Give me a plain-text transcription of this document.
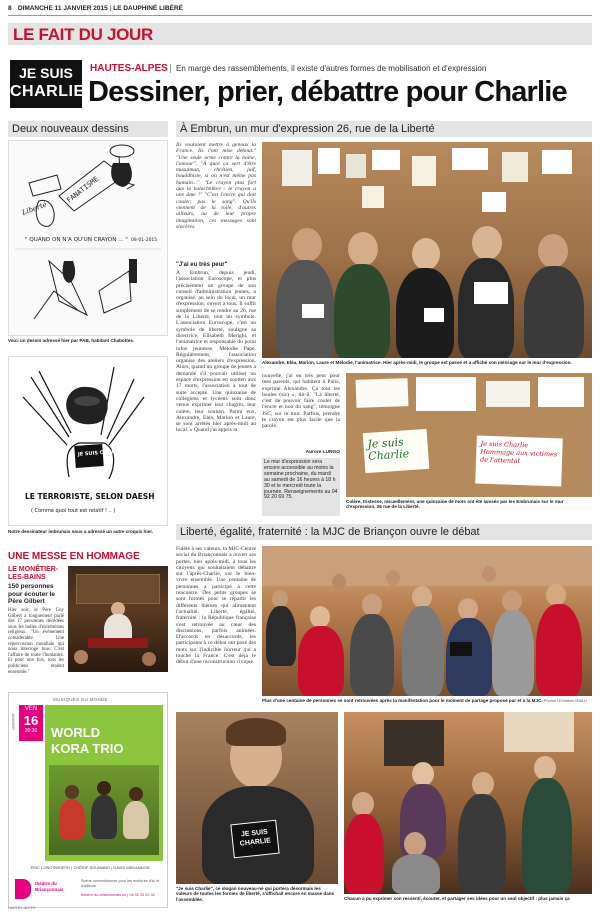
8 DIMANCHE 11 JANVIER 2015 | LE DAUPHINÉ LIBÉRÉ
LE FAIT DU JOUR
JE SUIS
CHARLIE
HAUTES-ALPES	En marge des rassemblements, il existe d'autres formes de mobilisation et d'expression
Dessiner, prier, débattre pour Charlie
Deux nouveaux dessins
FANATISME
Liberté
" QUAND ON N'A QU'UN CRAYON ... " 08-01-2015
Voici un dessin adressé hier par PAB, habitant Chabottes.
JE SUIS CHARLIE
LE TERRORISTE, SELON DAESH
( Comme quoi tout est relatif ! .. )
Notre dessinateur imbrunais nous a adressé un autre croquis hier.
UNE MESSE EN HOMMAGE
LE MONÊTIER-LES-BAINS
150 personnes pour écouter le Père Gilbert
Hier soir, le Père Guy Gilbert a longuement parlé des 17 personnes décédées sous les balles d'extrémistes religieux. "Un événement considérable. Une répercussion mondiale qui nous interroge tous. C'est l'affaire de toute l'humanité. Et pour une fois, tous les politiciens étaient ensemble."
MUSIQUES DU MONDE
JANVIER
VEN
16
20:30	WORLD
KORA TRIO
ÉRIC LONGSWORTH | CHÉRIF SOUMANO | DAVID MEKANDON
théâtre du Briançonnais
Scène conventionnée pour les écritures d'ici et d'ailleurs
theatre-du-brianconnais.eu | 04 92 25 52 42
À Embrun, un mur d'expression 26, rue de la Liberté
Ils voulaient mettre à genoux la France. Ils l'ont mise debout." "Une seule arme contre la haine, l'amour". "À quoi ça sert d'être musulman, chrétien, juif, bouddhiste, si on n'est même pas humain...". "Le crayon plus fort que la kalachnikov : le crayon a une âme !" "C'est l'encre qui doit couler, pas le sang". Qu'ils viennent de la toile, d'autres ailleurs, ou de leur propre imagination, ces messages sont sincères.
"J'ai eu très peur"
À Embrun, depuis jeudi, l'association Euroscope, et plus précisément un groupe de son conseil d'administration jeunes, a organisé, au sein du local, un mur d'expression, ouvert à tous. Il suffit simplement de se rendre au 26, rue de la Liberté, tout un symbole. L'association Euroscope, c'est un symbole de liberté, souligne sa directrice, Elisabeth Merighi, et l'animatrice et responsable du point infos jeunesse, Mélodie Pape. Régulièrement, l'association organise des ateliers d'expression. Alors, quand un groupe de jeunes a demandé s'il pouvait utiliser un espace d'expression en soutien aux 17 morts, l'association a tout de suite accepté. Une quinzaine de collégiens et lycéens sont donc venus exprimer leur chagrin, leur colère, leur soutien. Parmi eux, Alexandre, Eléa, Marion et Laure, se sont arrêtés hier après-midi au local. « Quand j'ai appris la
Alexandre, Eléa, Marion, Laure et Mélodie, l'animatrice. Hier après-midi, le groupe est passé et a affiché son message sur le mur d'expression.
nouvelle, j'ai eu très peur pour mes parents, qui habitent à Paris, exprime Alexandre. Ça tout les boules (sic) », dit-il. "La liberté, c'est de pouvoir faire couler de l'encre et non du sang", témoigne JSC, sur le mur. Parfois, prendre le crayon est plus facile que la parole.
Aurore LUNGO
Le mur d'expression sera encore accessible au moins la semaine prochaine, du mardi au samedi de 16 heures à 18 h 30 et le mercredi toute la journée. Renseignements au 04 92 20 69 75.
Je suis Charlie
Je suis Charlie Hommage aux victimes de l'attentat
Colère, tristesse, recueillement, une quinzaine de mots ont été laissés par les Embrunais sur le mur d'expression, 26 rue de la Liberté.
Liberté, égalité, fraternité : la MJC de Briançon ouvre le débat
Fidèle à ses valeurs, la MJC-Centre social du Briançonnais a ouvert ses portes, hier après-midi, à tous les citoyens qui souhaitaient débattre sur l'après-Charlie, sur le bien-vivre ensemble. Une centaine de personnes a participé à cette rencontre. Des petits groupes se sont formés pour se répartir les différents thèmes qui alimentent l'actualité. Liberté, égalité, fraternité : la République française s'est retrouvée au cœur des discussions, parfois animées. D'accords en désaccords, les participants à ce débat ont posé des mots sur l'indicible horreur qui a touché la France. C'est déjà le début d'une reconstruction civique.
Plus d'une centaine de personnes se sont retrouvées après la manifestation pour le moment de partage proposé par et à la MJC. Photos LD/Valérie MAILLI
JE SUIS CHARLIE
"Je suis Charlie", ce slogan nouveau-né qui portera désormais les valeurs de toutes les formes de liberté, s'affichait encore en masse dans l'assemblée.	Chacun a pu exprimer son ressenti, écouter, et partager ses idées pour un seul objectif : plus jamais ça
HAUTES-ALPES
